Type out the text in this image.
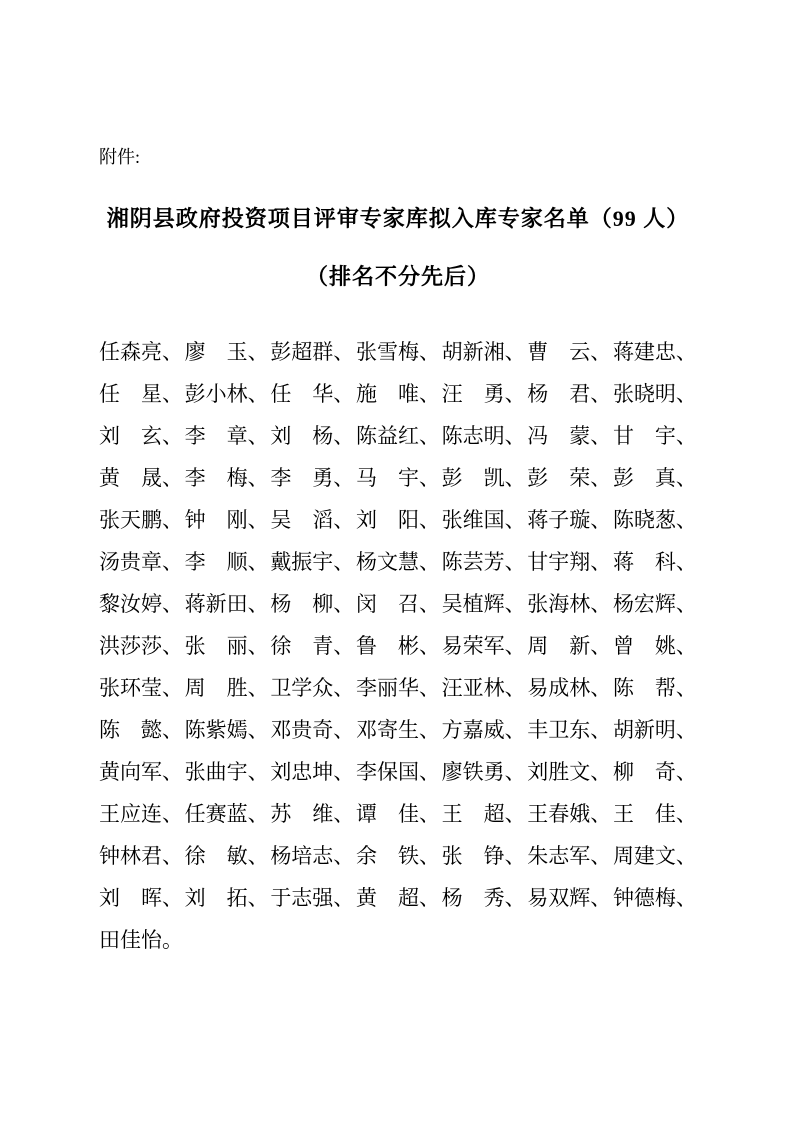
附件:
湘阴县政府投资项目评审专家库拟入库专家名单（99 人）
（排名不分先后）
任森亮、 廖　玉、 彭超群、 张雪梅、 胡新湘、 曹　云、 蒋建忠、
任　星、 彭小林、 任　华、 施　唯、 汪　勇、 杨　君、 张晓明、
刘　玄、 李　章、 刘　杨、 陈益红、 陈志明、 冯　蒙、 甘　宇、
黄　晟、 李　梅、 李　勇、 马　宇、 彭　凯、 彭　荣、 彭　真、
张天鹏、 钟　刚、 吴　滔、 刘　阳、 张维国、 蒋子璇、 陈晓葱、
汤贵章、 李　顺、 戴振宇、 杨文慧、 陈芸芳、 甘宇翔、 蒋　科、
黎汝婷、 蒋新田、 杨　柳、 闵　召、 吴植辉、 张海林、 杨宏辉、
洪莎莎、 张　丽、 徐　青、 鲁　彬、 易荣军、 周　新、 曾　姚、
张环莹、 周　胜、 卫学众、 李丽华、 汪亚林、 易成林、 陈　帮、
陈　懿、 陈紫嫣、 邓贵奇、 邓寄生、 方嘉威、 丰卫东、 胡新明、
黄向军、 张曲宇、 刘忠坤、 李保国、 廖铁勇、 刘胜文、 柳　奇、
王应连、 任赛蓝、 苏　维、 谭　佳、 王　超、 王春娥、 王　佳、
钟林君、 徐　敏、 杨培志、 余　铁、 张　铮、 朱志军、 周建文、
刘　晖、 刘　拓、 于志强、 黄　超、 杨　秀、 易双辉、 钟德梅、
田佳怡。
